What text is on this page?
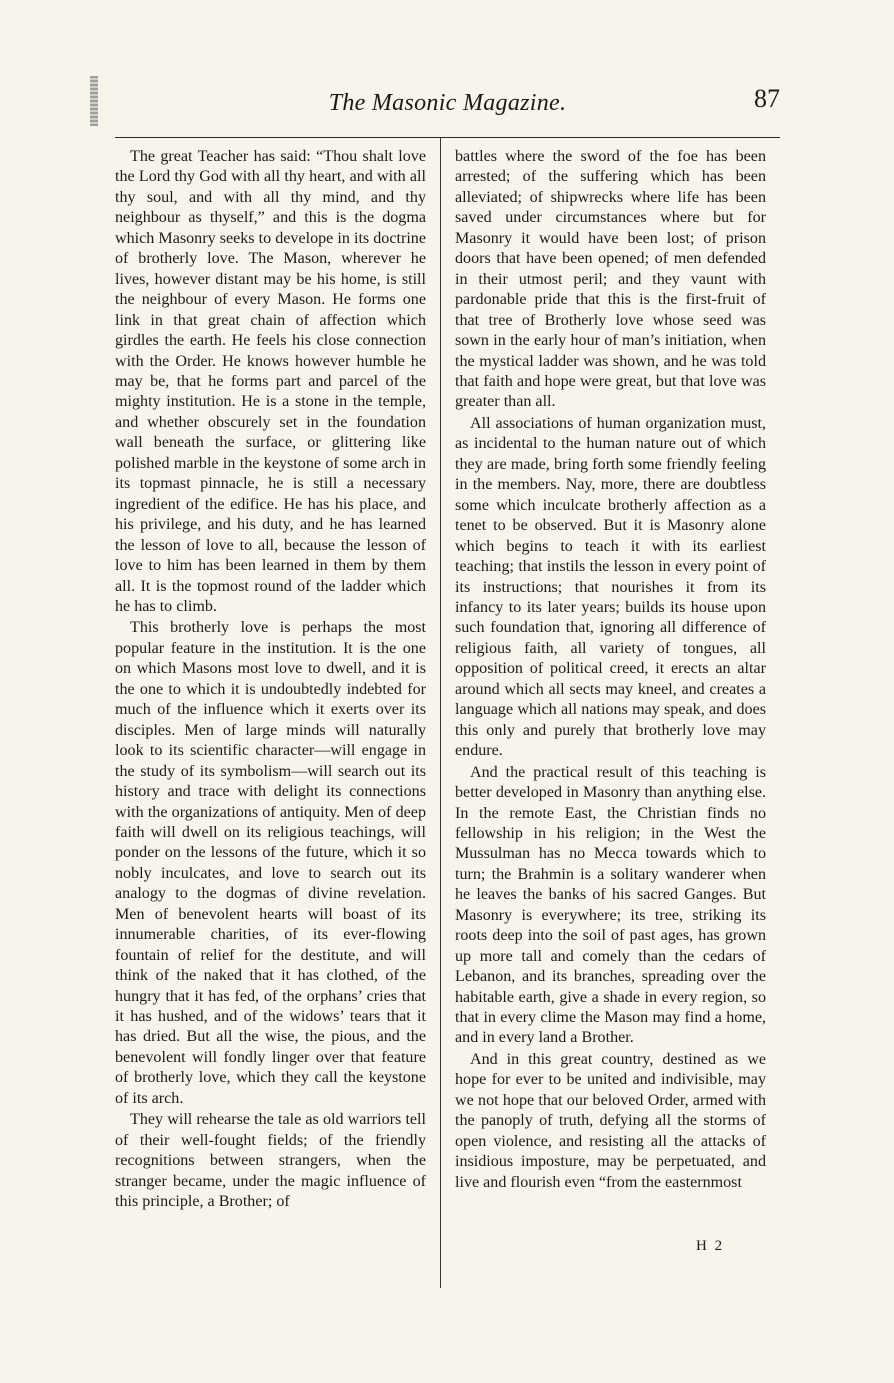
The Masonic Magazine.	87

The great Teacher has said: “Thou shalt love the Lord thy God with all thy heart, and with all thy soul, and with all thy mind, and thy neighbour as thyself,” and this is the dogma which Masonry seeks to develope in its doctrine of brotherly love. The Mason, wherever he lives, however distant may be his home, is still the neighbour of every Mason. He forms one link in that great chain of affection which girdles the earth. He feels his close connection with the Order. He knows however humble he may be, that he forms part and parcel of the mighty institution. He is a stone in the temple, and whether obscurely set in the foundation wall beneath the surface, or glittering like polished marble in the keystone of some arch in its topmast pinnacle, he is still a necessary ingredient of the edifice. He has his place, and his privilege, and his duty, and he has learned the lesson of love to all, because the lesson of love to him has been learned in them by them all. It is the topmost round of the ladder which he has to climb.

This brotherly love is perhaps the most popular feature in the institution. It is the one on which Masons most love to dwell, and it is the one to which it is undoubtedly indebted for much of the influence which it exerts over its disciples. Men of large minds will naturally look to its scientific character—will engage in the study of its symbolism—will search out its history and trace with delight its connections with the organizations of antiquity. Men of deep faith will dwell on its religious teachings, will ponder on the lessons of the future, which it so nobly inculcates, and love to search out its analogy to the dogmas of divine revelation. Men of benevolent hearts will boast of its innumerable charities, of its ever-flowing fountain of relief for the destitute, and will think of the naked that it has clothed, of the hungry that it has fed, of the orphans’ cries that it has hushed, and of the widows’ tears that it has dried. But all the wise, the pious, and the benevolent will fondly linger over that feature of brotherly love, which they call the keystone of its arch.

They will rehearse the tale as old warriors tell of their well-fought fields; of the friendly recognitions between strangers, when the stranger became, under the magic influence of this principle, a Brother; of

battles where the sword of the foe has been arrested; of the suffering which has been alleviated; of shipwrecks where life has been saved under circumstances where but for Masonry it would have been lost; of prison doors that have been opened; of men defended in their utmost peril; and they vaunt with pardonable pride that this is the first-fruit of that tree of Brotherly love whose seed was sown in the early hour of man’s initiation, when the mystical ladder was shown, and he was told that faith and hope were great, but that love was greater than all.

All associations of human organization must, as incidental to the human nature out of which they are made, bring forth some friendly feeling in the members. Nay, more, there are doubtless some which inculcate brotherly affection as a tenet to be observed. But it is Masonry alone which begins to teach it with its earliest teaching; that instils the lesson in every point of its instructions; that nourishes it from its infancy to its later years; builds its house upon such foundation that, ignoring all difference of religious faith, all variety of tongues, all opposition of political creed, it erects an altar around which all sects may kneel, and creates a language which all nations may speak, and does this only and purely that brotherly love may endure.

And the practical result of this teaching is better developed in Masonry than anything else. In the remote East, the Christian finds no fellowship in his religion; in the West the Mussulman has no Mecca towards which to turn; the Brahmin is a solitary wanderer when he leaves the banks of his sacred Ganges. But Masonry is everywhere; its tree, striking its roots deep into the soil of past ages, has grown up more tall and comely than the cedars of Lebanon, and its branches, spreading over the habitable earth, give a shade in every region, so that in every clime the Mason may find a home, and in every land a Brother.

And in this great country, destined as we hope for ever to be united and indivisible, may we not hope that our beloved Order, armed with the panoply of truth, defying all the storms of open violence, and resisting all the attacks of insidious imposture, may be perpetuated, and live and flourish even “from the easternmost

H 2
